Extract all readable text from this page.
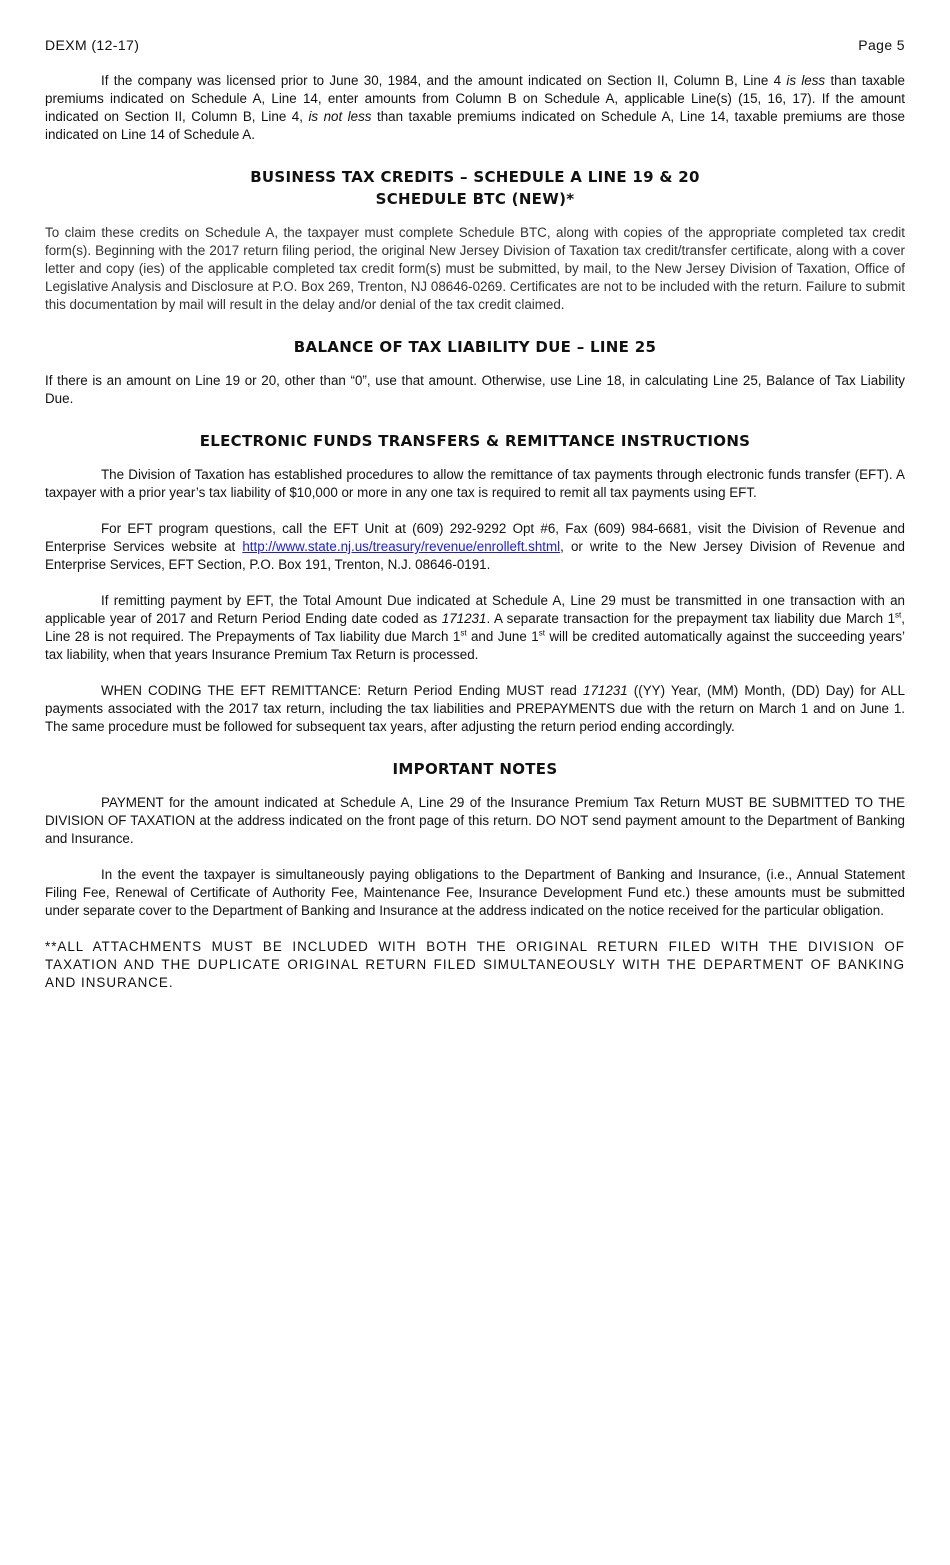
DEXM (12-17)	Page 5

If the company was licensed prior to June 30, 1984, and the amount indicated on Section II, Column B, Line 4 is less than taxable premiums indicated on Schedule A, Line 14, enter amounts from Column B on Schedule A, applicable Line(s) (15, 16, 17). If the amount indicated on Section II, Column B, Line 4, is not less than taxable premiums indicated on Schedule A, Line 14, taxable premiums are those indicated on Line 14 of Schedule A.

BUSINESS TAX CREDITS – SCHEDULE A LINE 19 & 20
SCHEDULE BTC (NEW)*

To claim these credits on Schedule A, the taxpayer must complete Schedule BTC, along with copies of the appropriate completed tax credit form(s). Beginning with the 2017 return filing period, the original New Jersey Division of Taxation tax credit/transfer certificate, along with a cover letter and copy (ies) of the applicable completed tax credit form(s) must be submitted, by mail, to the New Jersey Division of Taxation, Office of Legislative Analysis and Disclosure at P.O. Box 269, Trenton, NJ 08646-0269. Certificates are not to be included with the return. Failure to submit this documentation by mail will result in the delay and/or denial of the tax credit claimed.

BALANCE OF TAX LIABILITY DUE – LINE 25

If there is an amount on Line 19 or 20, other than “0”, use that amount. Otherwise, use Line 18, in calculating Line 25, Balance of Tax Liability Due.

ELECTRONIC FUNDS TRANSFERS & REMITTANCE INSTRUCTIONS

The Division of Taxation has established procedures to allow the remittance of tax payments through electronic funds transfer (EFT). A taxpayer with a prior year’s tax liability of $10,000 or more in any one tax is required to remit all tax payments using EFT.

For EFT program questions, call the EFT Unit at (609) 292-9292 Opt #6, Fax (609) 984-6681, visit the Division of Revenue and Enterprise Services website at http://www.state.nj.us/treasury/revenue/enrolleft.shtml, or write to the New Jersey Division of Revenue and Enterprise Services, EFT Section, P.O. Box 191, Trenton, N.J. 08646-0191.

If remitting payment by EFT, the Total Amount Due indicated at Schedule A, Line 29 must be transmitted in one transaction with an applicable year of 2017 and Return Period Ending date coded as 171231. A separate transaction for the prepayment tax liability due March 1st, Line 28 is not required. The Prepayments of Tax liability due March 1st and June 1st will be credited automatically against the succeeding years’ tax liability, when that years Insurance Premium Tax Return is processed.

WHEN CODING THE EFT REMITTANCE: Return Period Ending MUST read 171231 ((YY) Year, (MM) Month, (DD) Day) for ALL payments associated with the 2017 tax return, including the tax liabilities and PREPAYMENTS due with the return on March 1 and on June 1. The same procedure must be followed for subsequent tax years, after adjusting the return period ending accordingly.

IMPORTANT NOTES

PAYMENT for the amount indicated at Schedule A, Line 29 of the Insurance Premium Tax Return MUST BE SUBMITTED TO THE DIVISION OF TAXATION at the address indicated on the front page of this return. DO NOT send payment amount to the Department of Banking and Insurance.

In the event the taxpayer is simultaneously paying obligations to the Department of Banking and Insurance, (i.e., Annual Statement Filing Fee, Renewal of Certificate of Authority Fee, Maintenance Fee, Insurance Development Fund etc.) these amounts must be submitted under separate cover to the Department of Banking and Insurance at the address indicated on the notice received for the particular obligation.

**ALL ATTACHMENTS MUST BE INCLUDED WITH BOTH THE ORIGINAL RETURN FILED WITH THE DIVISION OF TAXATION AND THE DUPLICATE ORIGINAL RETURN FILED SIMULTANEOUSLY WITH THE DEPARTMENT OF BANKING AND INSURANCE.
